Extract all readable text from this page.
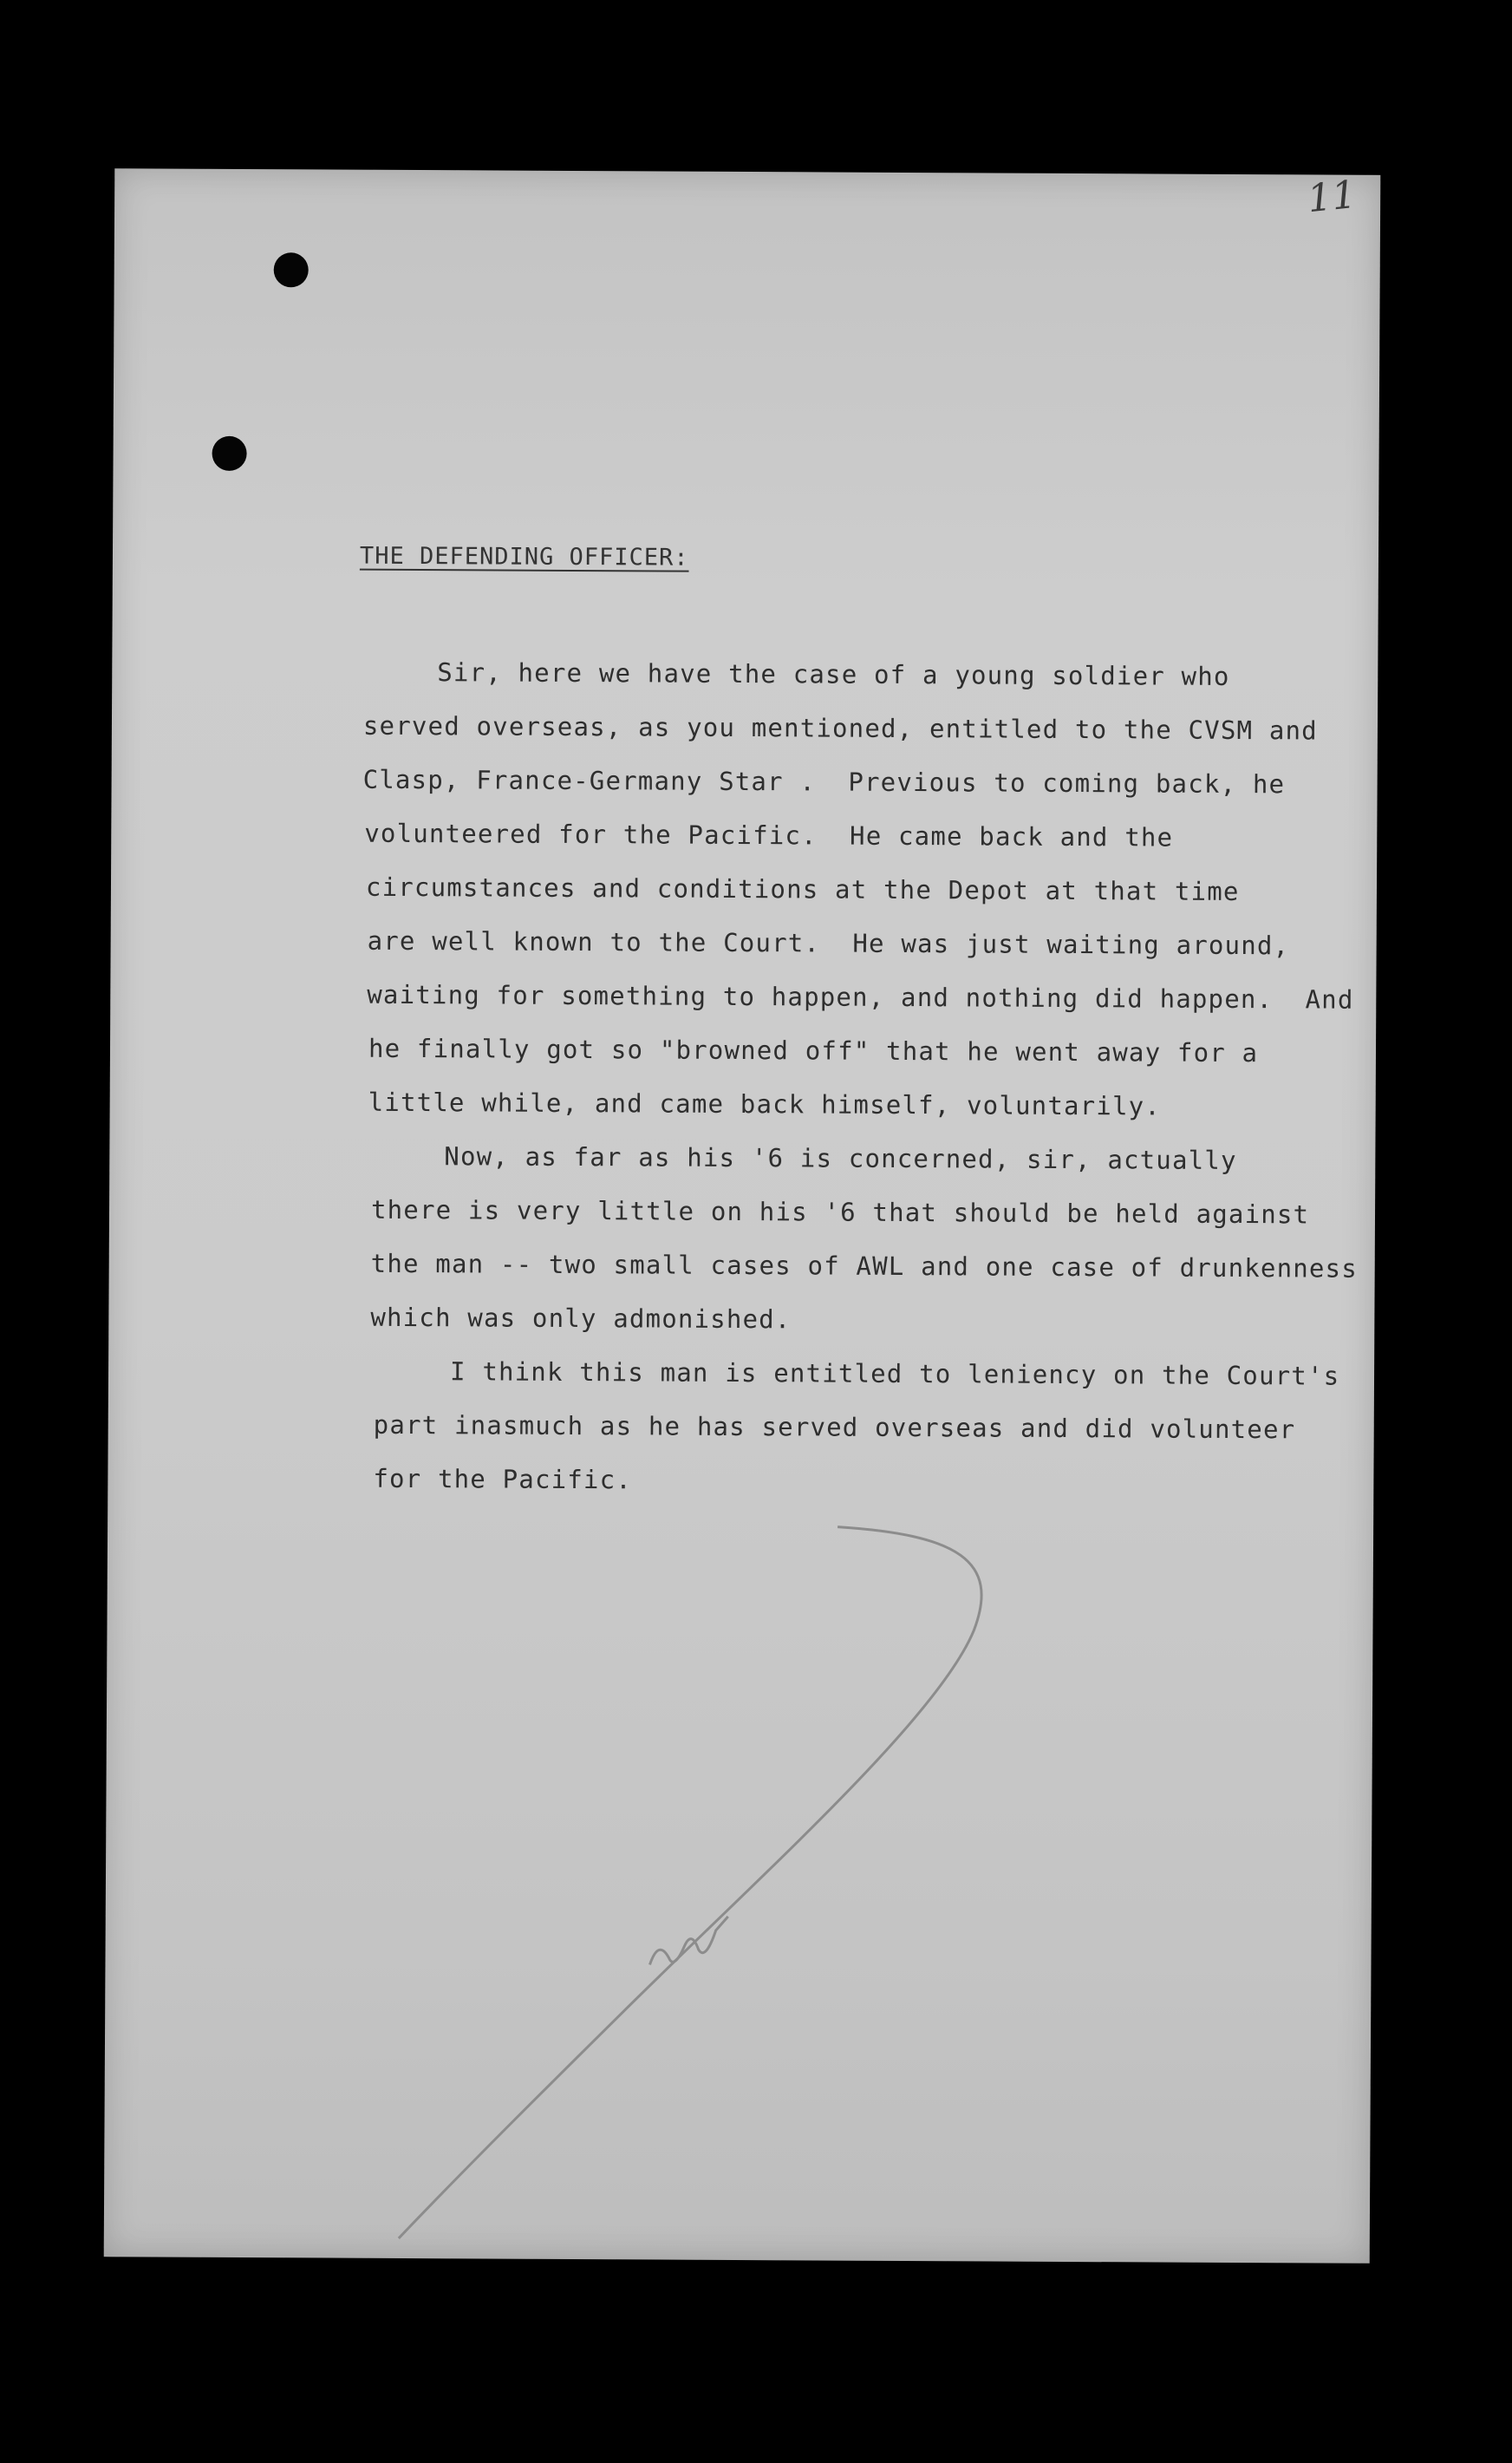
11
THE DEFENDING OFFICER:
Sir, here we have the case of a young soldier who
served overseas, as you mentioned, entitled to the CVSM and
Clasp, France-Germany Star .  Previous to coming back, he
volunteered for the Pacific.  He came back and the
circumstances and conditions at the Depot at that time
are well known to the Court.  He was just waiting around,
waiting for something to happen, and nothing did happen.  And
he finally got so "browned off" that he went away for a
little while, and came back himself, voluntarily.
Now, as far as his '6 is concerned, sir, actually
there is very little on his '6 that should be held against
the man -- two small cases of AWL and one case of drunkenness
which was only admonished.
I think this man is entitled to leniency on the Court's
part inasmuch as he has served overseas and did volunteer
for the Pacific.
